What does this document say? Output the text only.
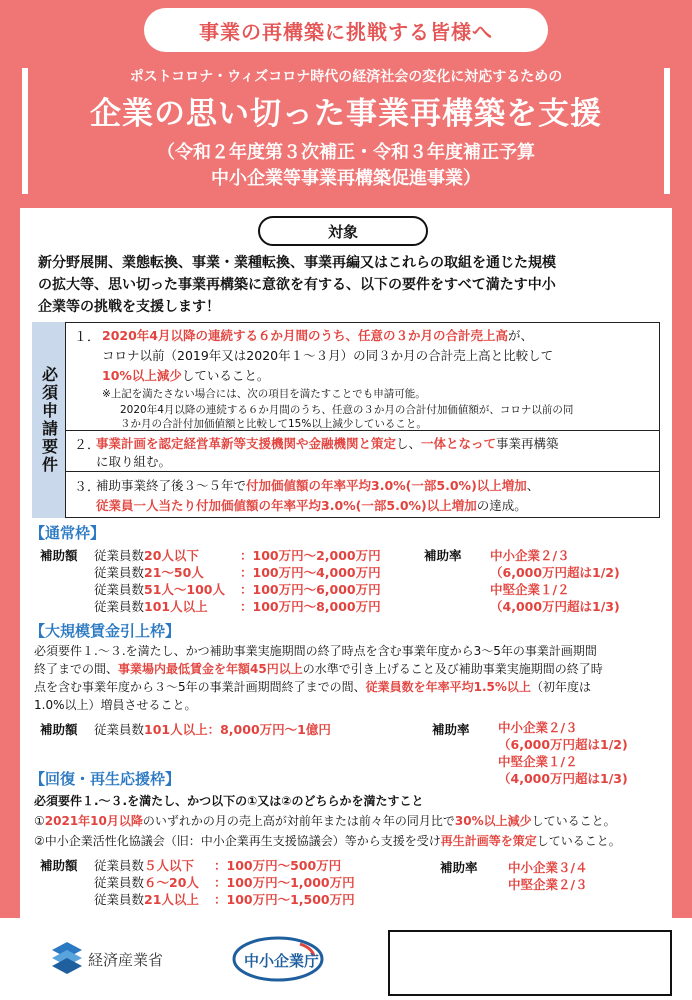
事業の再構築に挑戦する皆様へ
ポストコロナ・ウィズコロナ時代の経済社会の変化に対応するための
企業の思い切った事業再構築を支援
（令和２年度第３次補正・令和３年度補正予算
中小企業等事業再構築促進事業）
対象
新分野展開、業態転換、事業・業種転換、事業再編又はこれらの取組を通じた規模
の拡大等、思い切った事業再構築に意欲を有する、以下の要件をすべて満たす中小
企業等の挑戦を支援します！
必須申請要件
１． 2020年4月以降の連続する６か月間のうち、任意の３か月の合計売上高が、
コロナ以前（2019年又は2020年１～３月）の同３か月の合計売上高と比較して
10%以上減少していること。
※上記を満たさない場合には、次の項目を満たすことでも申請可能。
2020年4月以降の連続する６か月間のうち、任意の３か月の合計付加価値額が、コロナ以前の同
３か月の合計付加価値額と比較して15%以上減少していること。
２．
事業計画を認定経営革新等支援機関や金融機関と策定し、一体となって事業再構築
に取り組む。
３．
補助事業終了後３～５年で付加価値額の年率平均3.0%(一部5.0%)以上増加、
従業員一人当たり付加価値額の年率平均3.0%(一部5.0%)以上増加の達成。
【通常枠】
補助額 従業員数20人以下	：100万円～2,000万円
従業員数21～50人	：100万円～4,000万円
従業員数51人～100人 ：100万円～6,000万円
従業員数101人以上	：100万円～8,000万円
補助率 中小企業２/３
（6,000万円超は1/2)
中堅企業１/２
（4,000万円超は1/3)
【大規模賃金引上枠】
必須要件１.～３.を満たし、かつ補助事業実施期間の終了時点を含む事業年度から3～5年の事業計画期間
終了までの間、事業場内最低賃金を年額45円以上の水準で引き上げること及び補助事業実施期間の終了時
点を含む事業年度から３～5年の事業計画期間終了までの間、従業員数を年率平均1.5%以上（初年度は
1.0%以上）増員させること。
補助額 従業員数101人以上：8,000万円～1億円	補助率 中小企業２/３
（6,000万円超は1/2)
中堅企業１/２
（4,000万円超は1/3)
【回復・再生応援枠】
必須要件１.～３.を満たし、かつ以下の①又は②のどちらかを満たすこと
①2021年10月以降のいずれかの月の売上高が対前年または前々年の同月比で30%以上減少していること。
②中小企業活性化協議会（旧：中小企業再生支援協議会）等から支援を受け再生計画等を策定していること。
補助額 従業員数５人以下 ：100万円～500万円
従業員数６～20人 ：100万円～1,000万円
従業員数21人以上 ：100万円～1,500万円
補助率 中小企業３/４
中堅企業２/３
経済産業省	中小企業庁
